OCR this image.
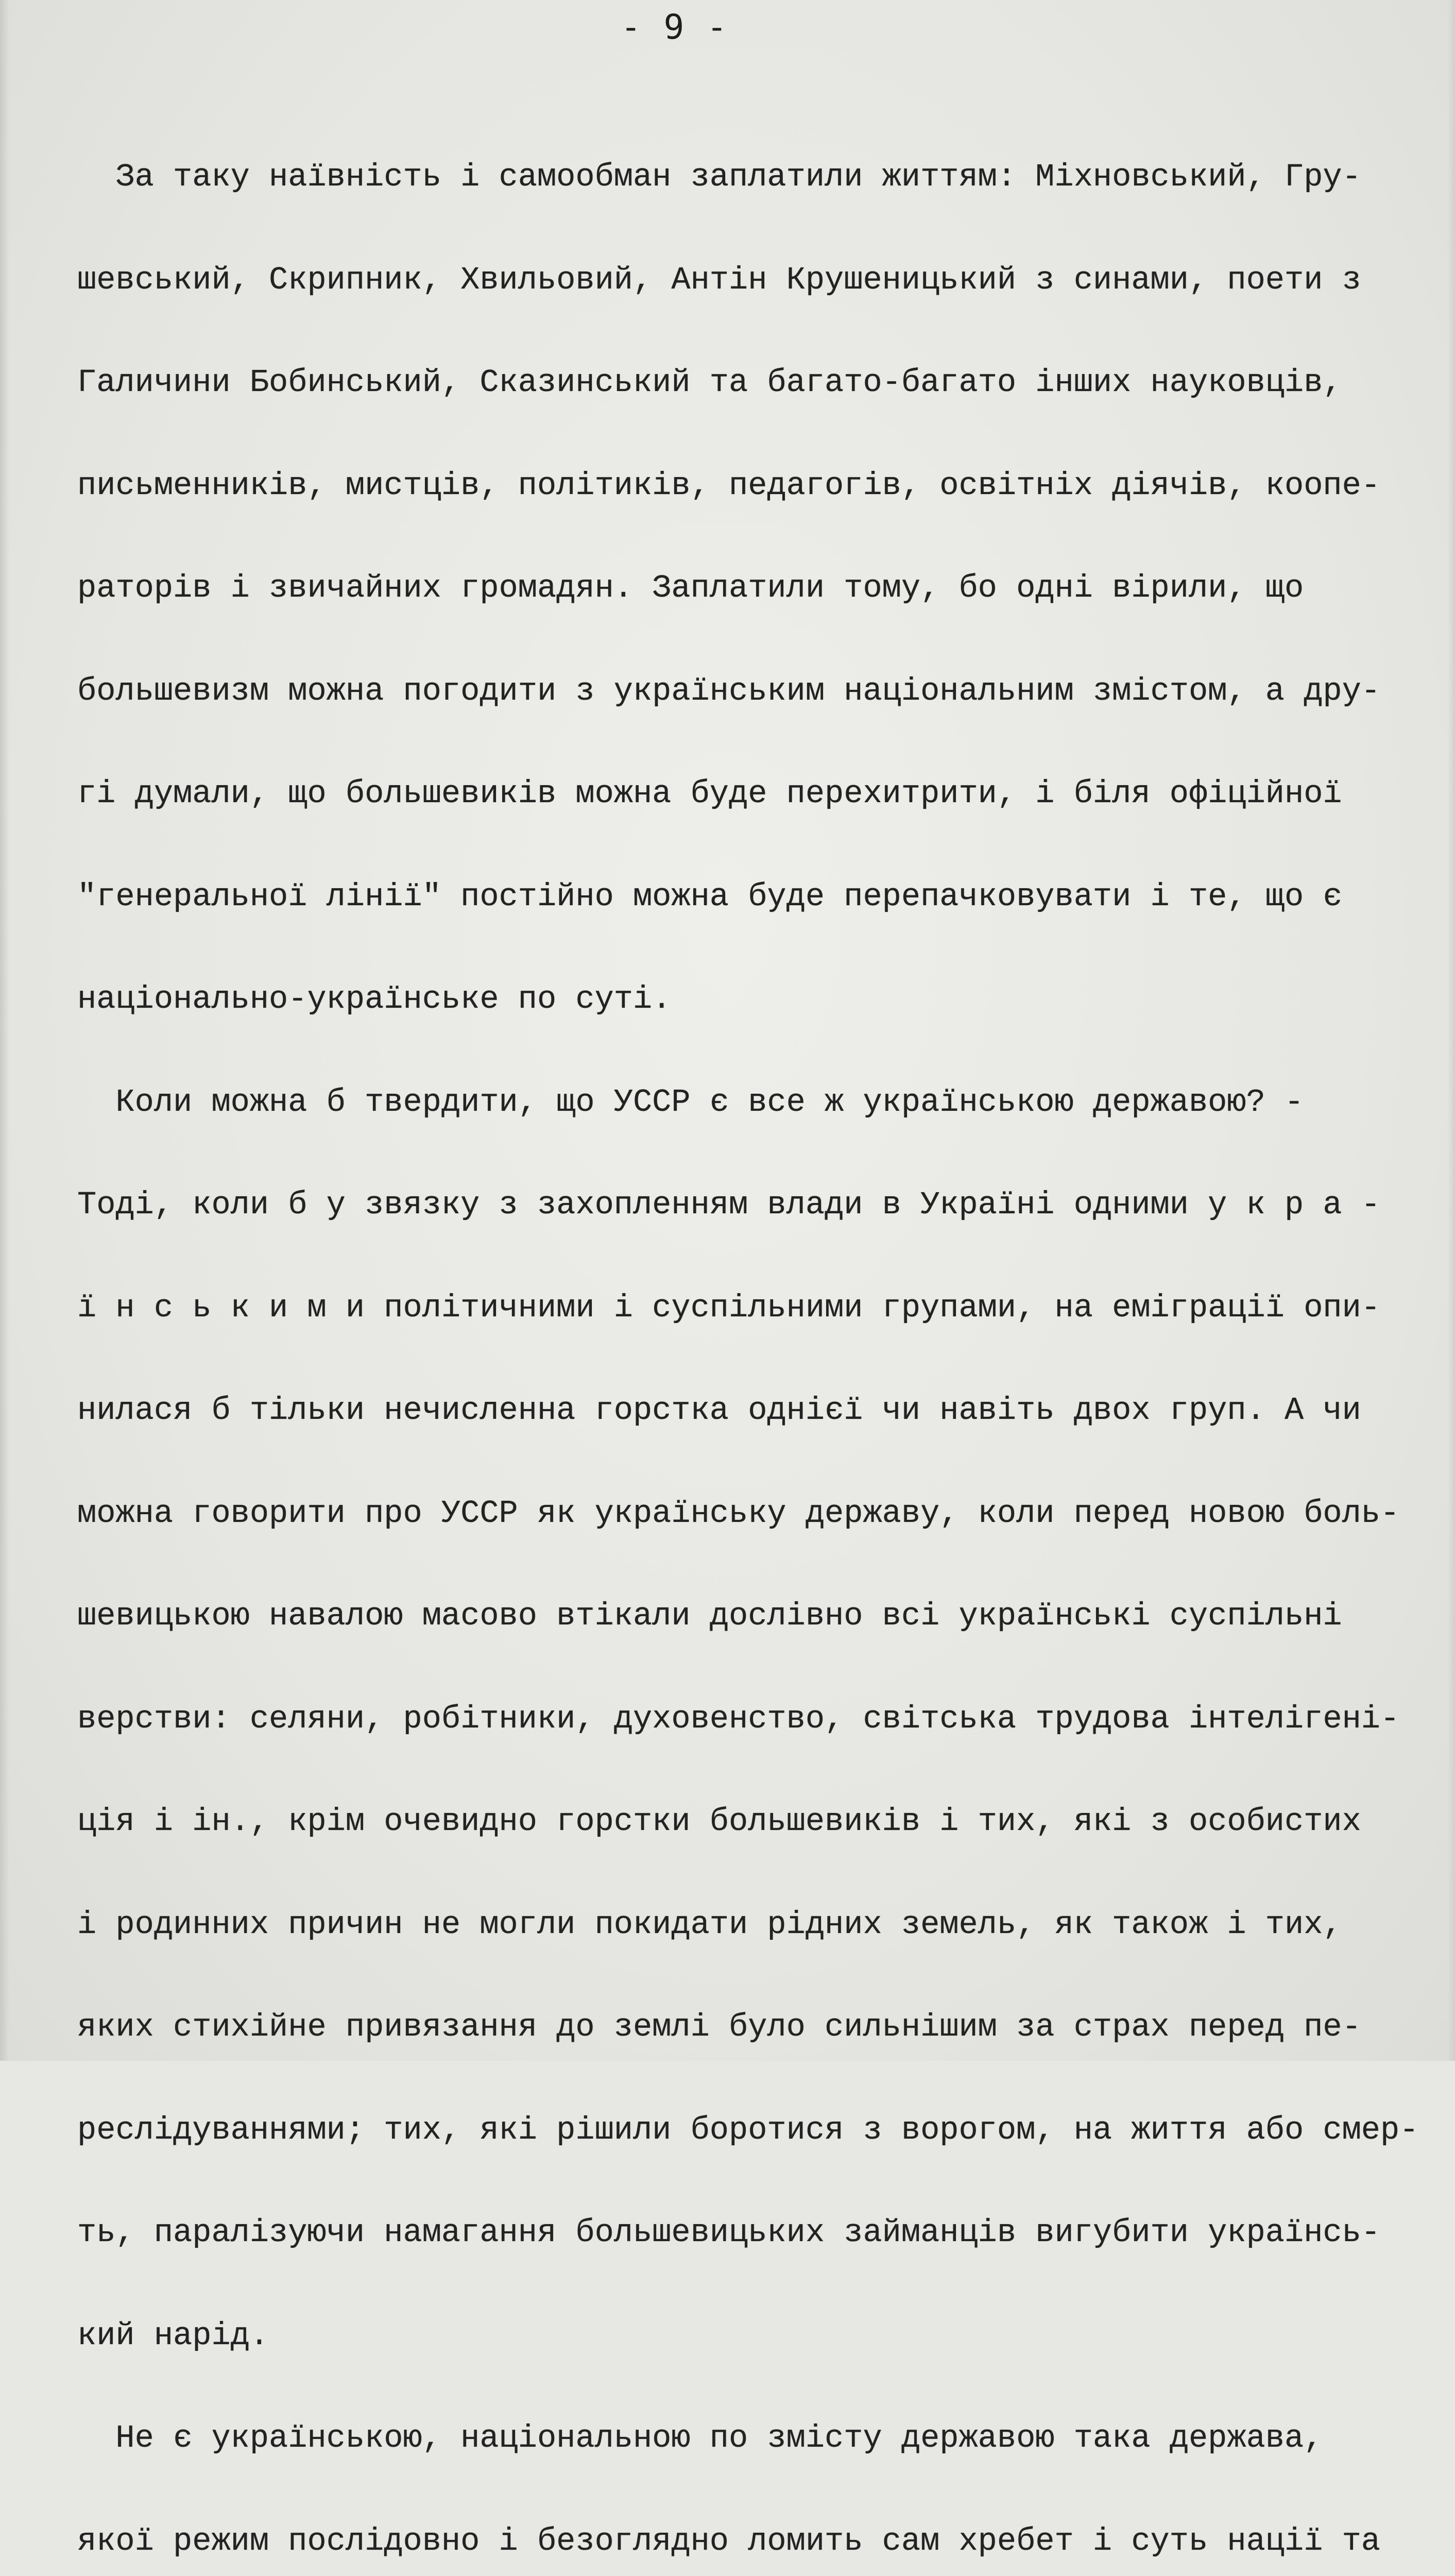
- 9 -

За таку наївність і самообман заплатили життям: Міхновський, Гру-

шевський, Скрипник, Хвильовий, Антін Крушеницький з синами, поети з

Галичини Бобинський, Сказинський та багато-багато інших науковців,

письменників, мистців, політиків, педагогів, освітніх діячів, коопе-

раторів і звичайних громадян. Заплатили тому, бо одні вірили, що

большевизм можна погодити з українським національним змістом, а дру-

гі думали, що большевиків можна буде перехитрити, і біля офіційної

"генеральної лінії" постійно можна буде перепачковувати і те, що є

національно-українське по суті.

Коли можна б твердити, що УССР є все ж українською державою? -

Тоді, коли б у звязку з захопленням влади в Україні одними у к р а -

ї н с ь к и м и політичними і суспільними групами, на еміграції опи-

нилася б тільки нечисленна горстка однієї чи навіть двох груп. А чи

можна говорити про УССР як українську державу, коли перед новою боль-

шевицькою навалою масово втікали дослівно всі українські суспільні

верстви: селяни, робітники, духовенство, світська трудова інтелігені-

ція і ін., крім очевидно горстки большевиків і тих, які з особистих

і родинних причин не могли покидати рідних земель, як також і тих,

яких стихійне привязання до землі було сильнішим за страх перед пе-

реслідуваннями; тих, які рішили боротися з ворогом, на життя або смер-

ть, паралізуючи намагання большевицьких займанців вигубити українсь-

кий нарід.

Не є українською, національною по змісту державою така держава,

якої режим послідовно і безоглядно ломить сам хребет і суть нації та
